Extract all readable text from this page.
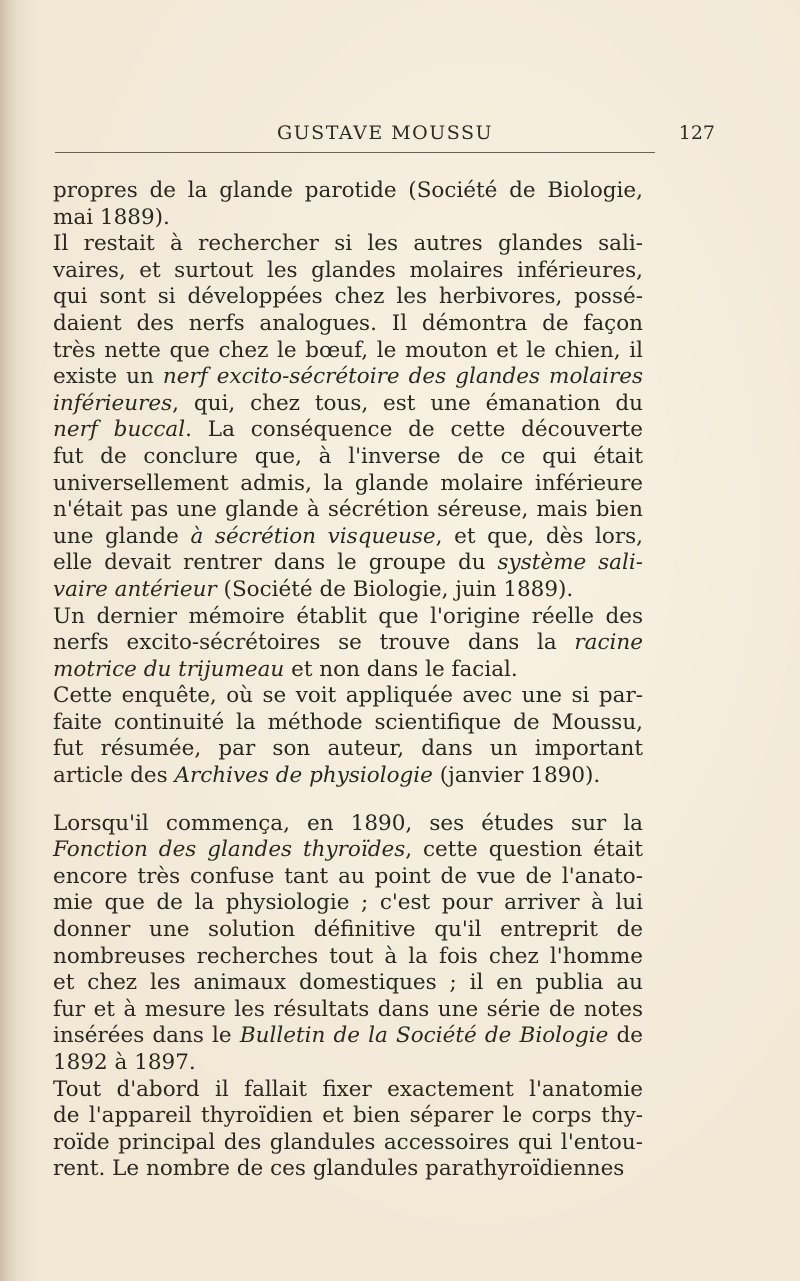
GUSTAVE MOUSSU	127
propres de la glande parotide (Société de Biologie,
mai 1889).
Il restait à rechercher si les autres glandes sali-
vaires, et surtout les glandes molaires inférieures,
qui sont si développées chez les herbivores, possé-
daient des nerfs analogues. Il démontra de façon
très nette que chez le bœuf, le mouton et le chien, il
existe un nerf excito-sécrétoire des glandes molaires
inférieures, qui, chez tous, est une émanation du
nerf buccal. La conséquence de cette découverte
fut de conclure que, à l'inverse de ce qui était
universellement admis, la glande molaire inférieure
n'était pas une glande à sécrétion séreuse, mais bien
une glande à sécrétion visqueuse, et que, dès lors,
elle devait rentrer dans le groupe du système sali-
vaire antérieur (Société de Biologie, juin 1889).
Un dernier mémoire établit que l'origine réelle des
nerfs excito-sécrétoires se trouve dans la racine
motrice du trijumeau et non dans le facial.
Cette enquête, où se voit appliquée avec une si par-
faite continuité la méthode scientifique de Moussu,
fut résumée, par son auteur, dans un important
article des Archives de physiologie (janvier 1890).
Lorsqu'il commença, en 1890, ses études sur la
Fonction des glandes thyroïdes, cette question était
encore très confuse tant au point de vue de l'anato-
mie que de la physiologie ; c'est pour arriver à lui
donner une solution définitive qu'il entreprit de
nombreuses recherches tout à la fois chez l'homme
et chez les animaux domestiques ; il en publia au
fur et à mesure les résultats dans une série de notes
insérées dans le Bulletin de la Société de Biologie de
1892 à 1897.
Tout d'abord il fallait fixer exactement l'anatomie
de l'appareil thyroïdien et bien séparer le corps thy-
roïde principal des glandules accessoires qui l'entou-
rent. Le nombre de ces glandules parathyroïdiennes
